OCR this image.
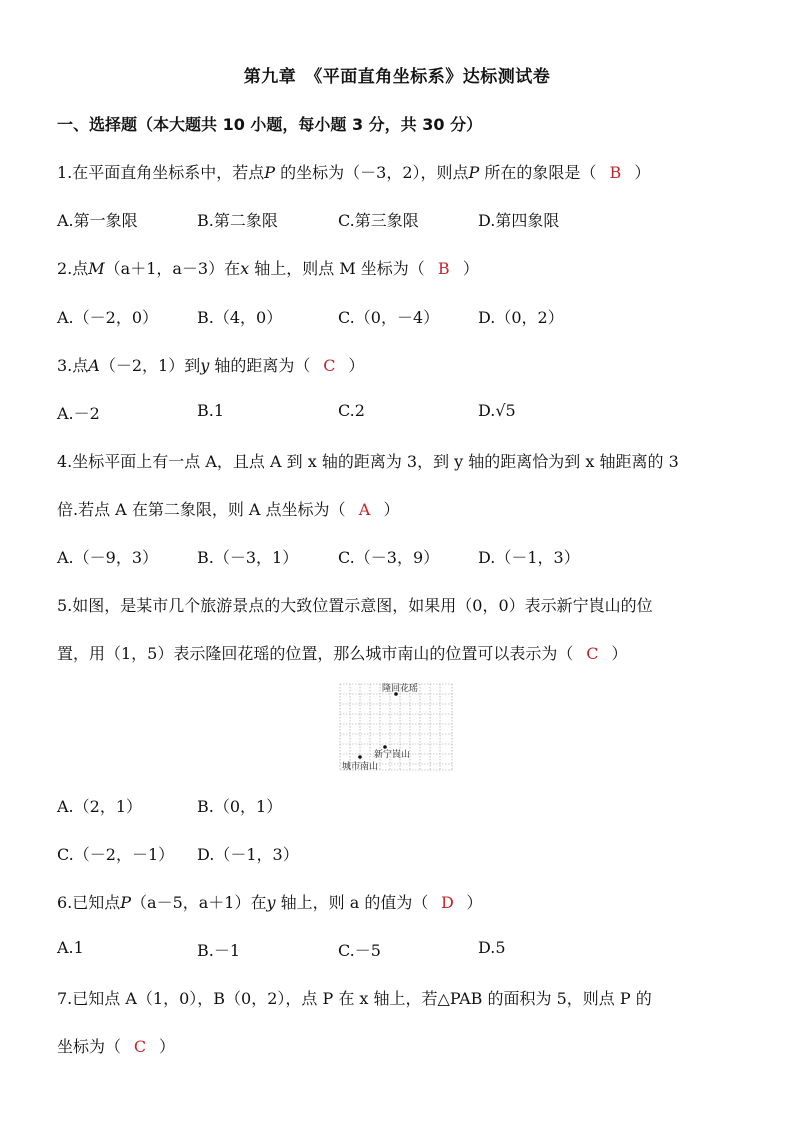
第九章　《平面直角坐标系》达标测试卷
一、选择题（本大题共 10 小题，每小题 3 分，共 30 分）
1.在平面直角坐标系中，若点P 的坐标为（－3，2），则点P 所在的象限是（ B ）
A.第一象限	B.第二象限	C.第三象限	D.第四象限
2.点M（a＋1，a－3）在x 轴上，则点 M 坐标为（ B ）
A.（－2，0） B.（4，0）	C.（0，－4） D.（0，2）
3.点A（－2，1）到y 轴的距离为（ C ）
A.－2	B.1	C.2	D.√5
4.坐标平面上有一点 A，且点 A 到 x 轴的距离为 3，到 y 轴的距离恰为到 x 轴距离的 3
倍.若点 A 在第二象限，则 A 点坐标为（ A ）
A.（－9，3） B.（－3，1） C.（－3，9） D.（－1，3）
5.如图，是某市几个旅游景点的大致位置示意图，如果用（0，0）表示新宁崀山的位
置，用（1，5）表示隆回花瑶的位置，那么城市南山的位置可以表示为（ C ）
隆回花瑶
新宁崀山
城市南山
A.（2，1）	B.（0，1）
C.（－2，－1） D.（－1，3）
6.已知点P（a－5，a＋1）在y 轴上，则 a 的值为（ D ）
A.1	B.－1	C.－5	D.5
7.已知点 A（1，0），B（0，2），点 P 在 x 轴上，若△PAB 的面积为 5，则点 P 的
坐标为（ C ）
